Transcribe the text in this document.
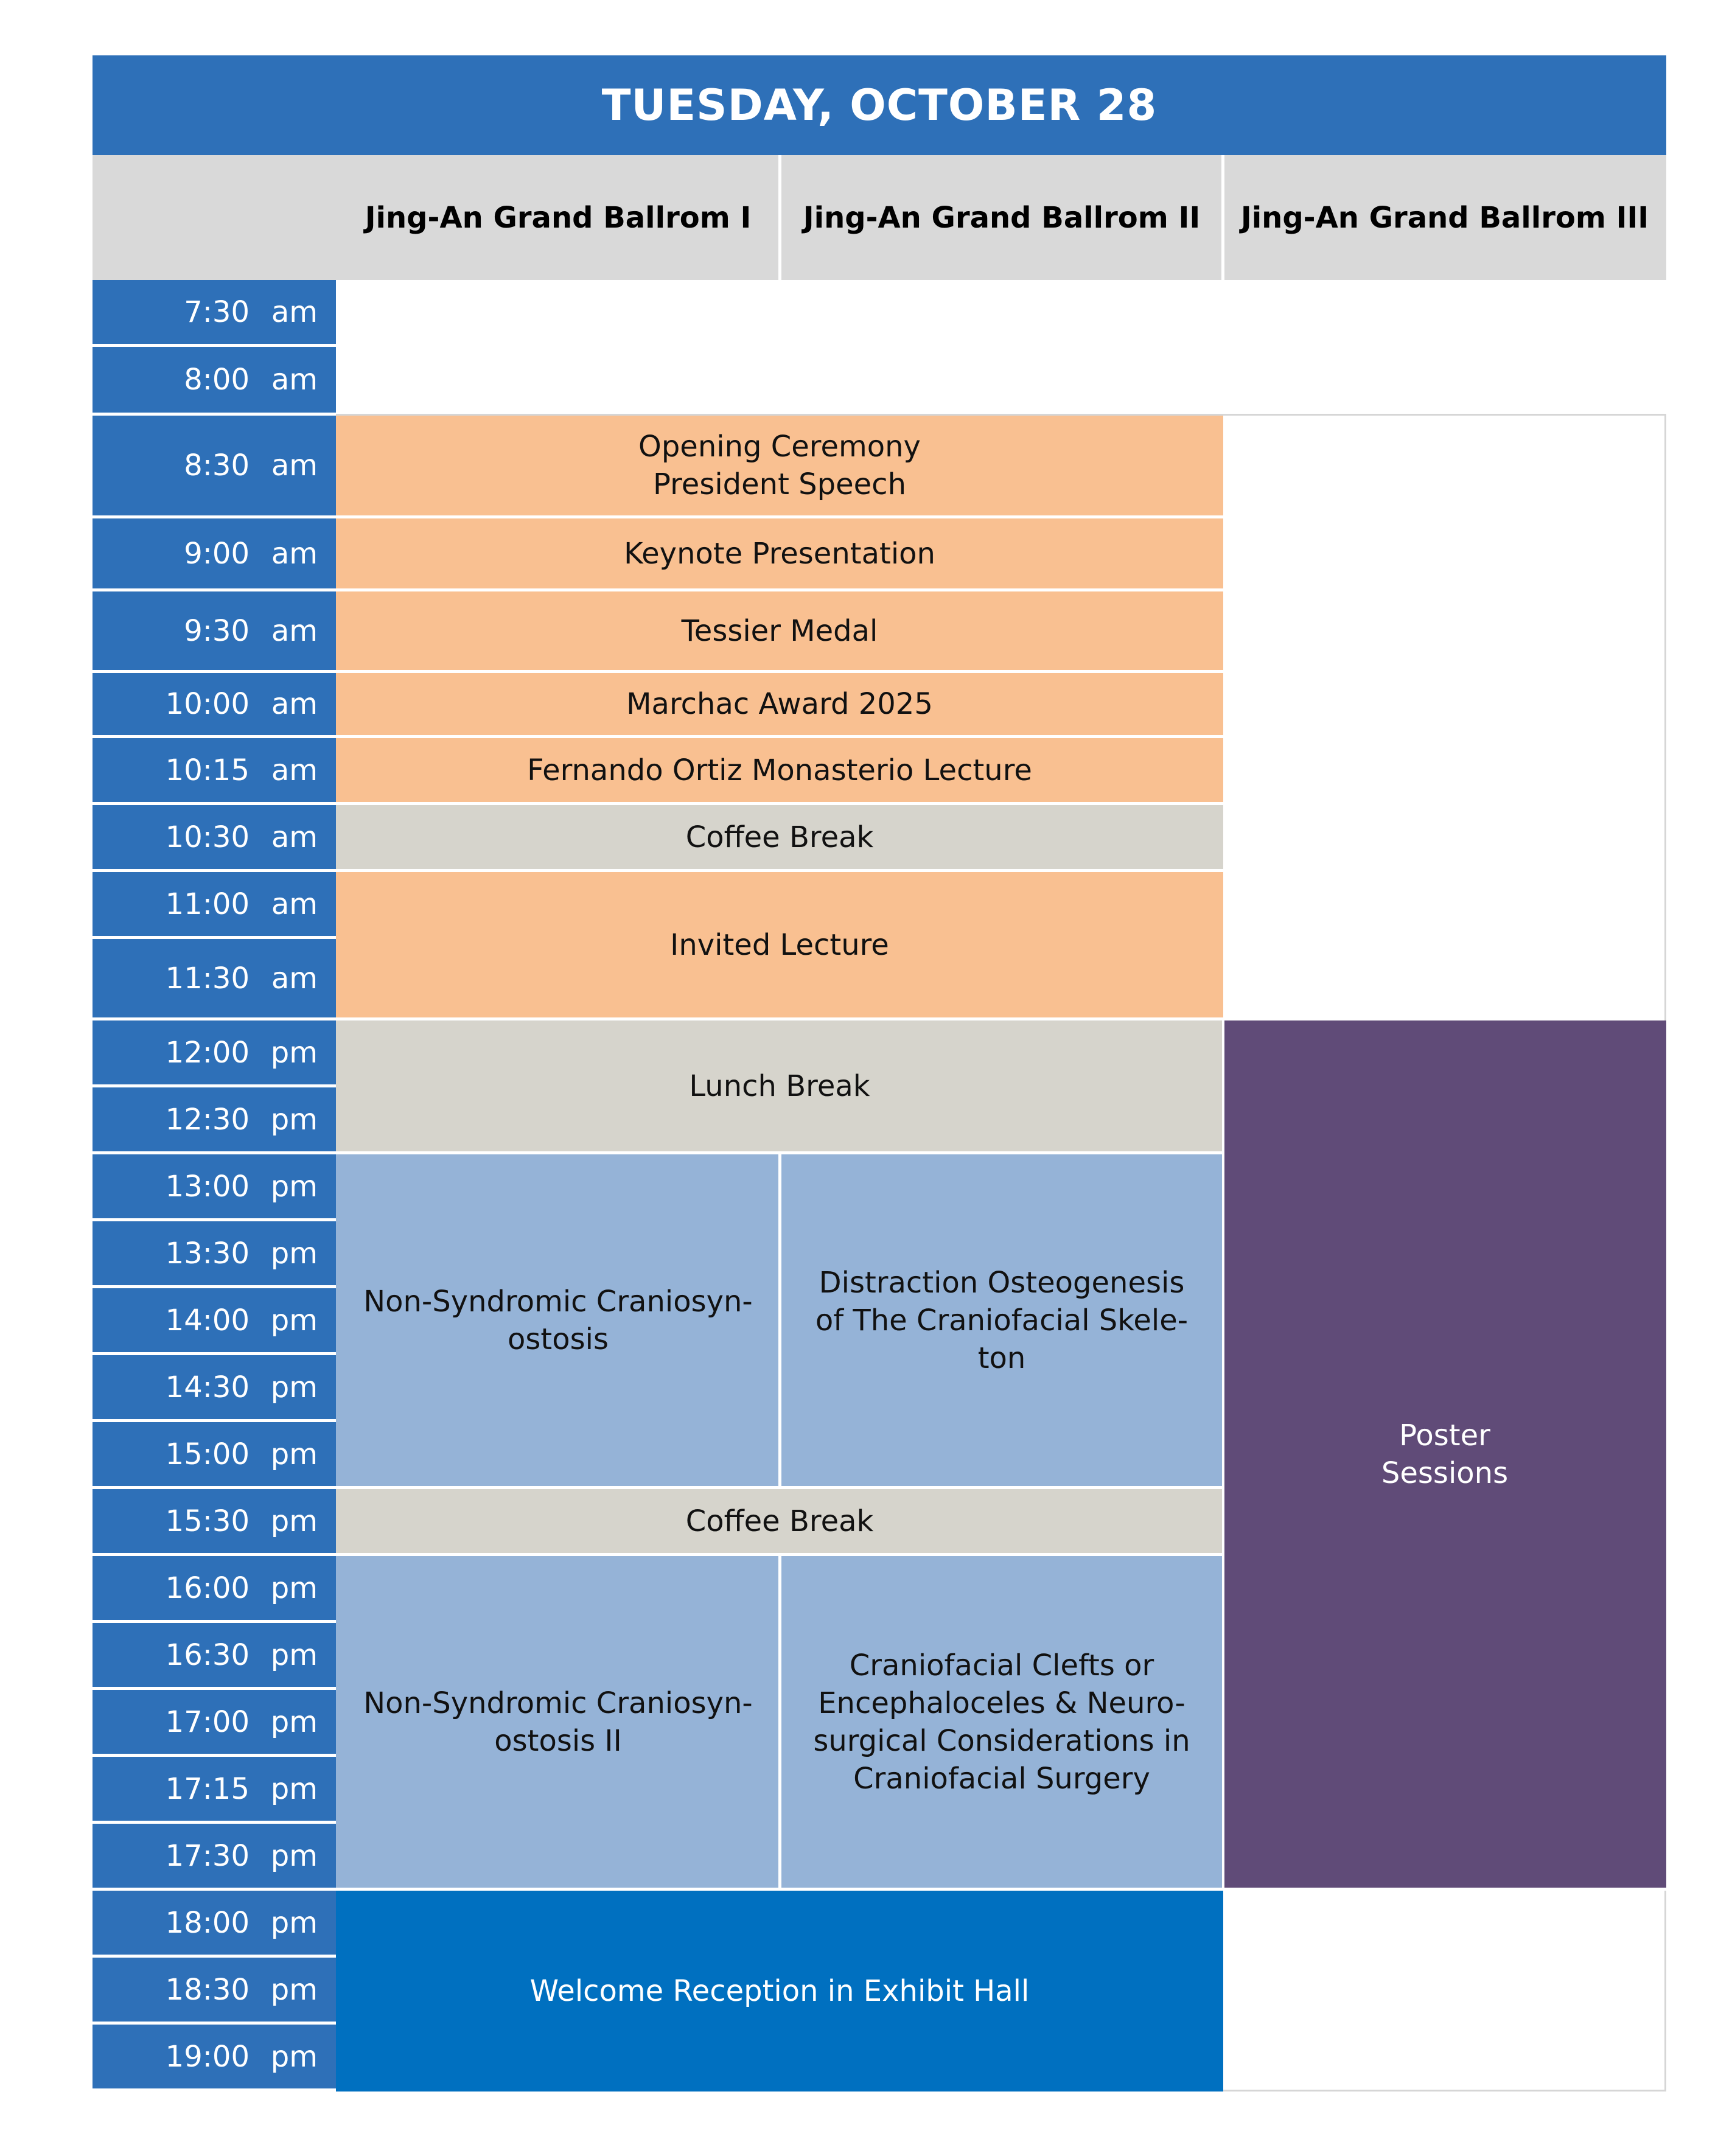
TUESDAY, OCTOBER 28
Jing-An Grand Ballrom I	Jing-An Grand Ballrom II	Jing-An Grand Ballrom III
7:30 am
8:00 am
8:30 am
9:00 am
9:30 am
10:00 am
10:15 am
10:30 am
11:00 am
11:30 am
12:00 pm
12:30 pm
13:00 pm
13:30 pm
14:00 pm
14:30 pm
15:00 pm
15:30 pm
16:00 pm
16:30 pm
17:00 pm
17:15 pm
17:30 pm
18:00 pm
18:30 pm
19:00 pm
Opening Ceremony
President Speech
Keynote Presentation
Tessier Medal
Marchac Award 2025
Fernando Ortiz Monasterio Lecture
Coffee Break
Invited Lecture
Lunch Break
Non-Syndromic Craniosyn-
ostosis
Distraction Osteogenesis
of The Craniofacial Skele-
ton
Coffee Break
Non-Syndromic Craniosyn-
ostosis II
Craniofacial Clefts or
Encephaloceles & Neuro-
surgical Considerations in
Craniofacial Surgery
Poster
Sessions
Welcome Reception in Exhibit Hall
